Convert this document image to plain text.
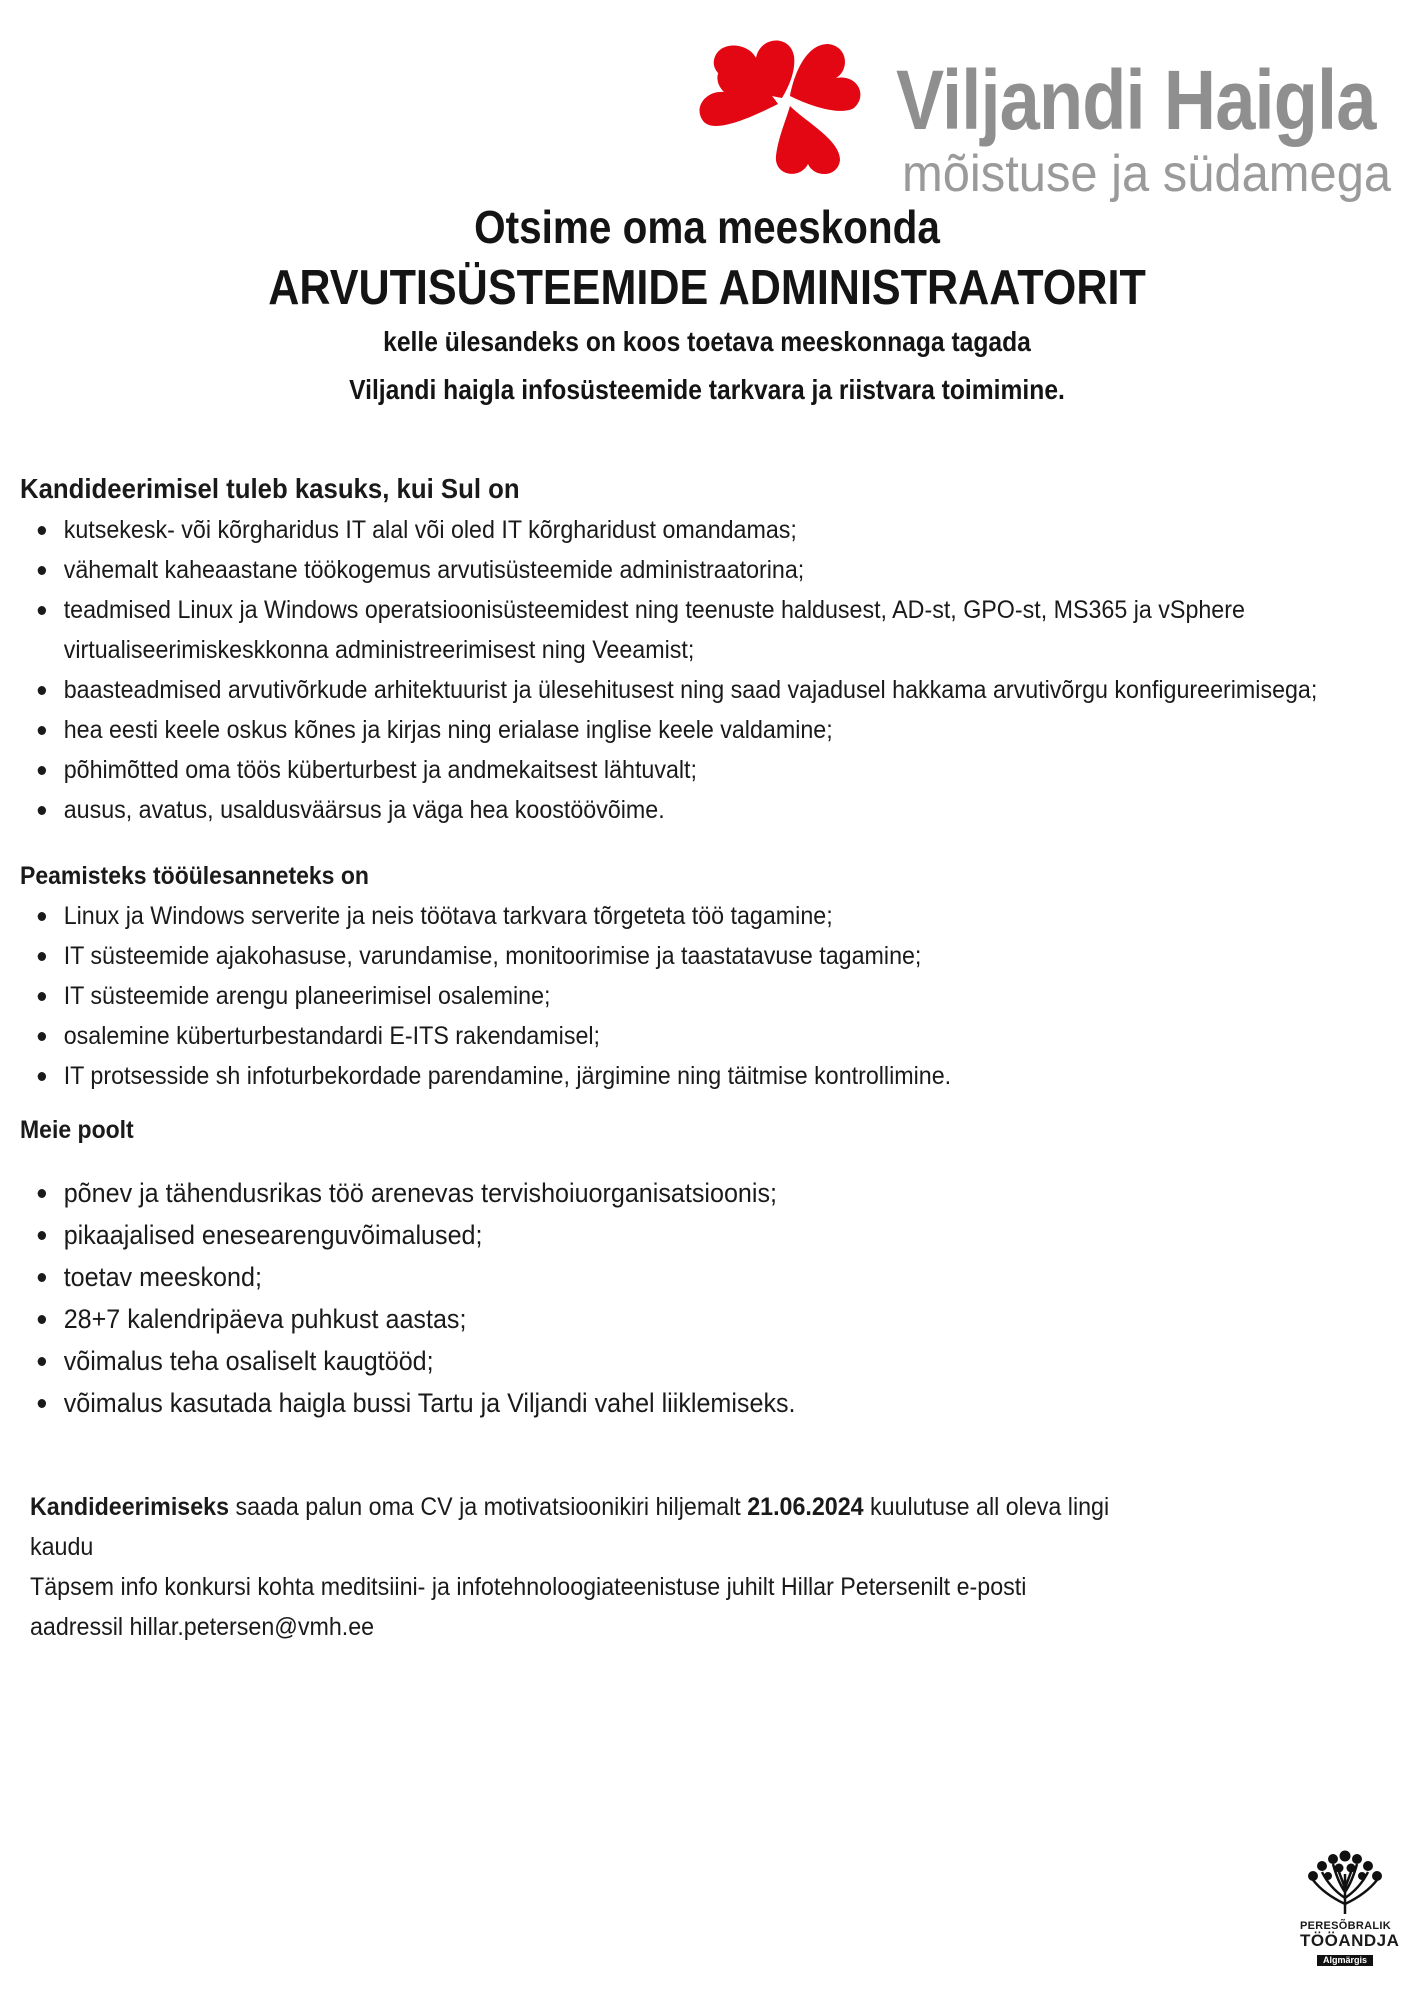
Viljandi Haigla
mõistuse ja südamega
Otsime oma meeskonda
ARVUTISÜSTEEMIDE ADMINISTRAATORIT

kelle ülesandeks on koos toetava meeskonnaga tagada

Viljandi haigla infosüsteemide tarkvara ja riistvara toimimine.

Kandideerimisel tuleb kasuks, kui Sul on
kutsekesk- või kõrgharidus IT alal või oled IT kõrgharidust omandamas;
vähemalt kaheaastane töökogemus arvutisüsteemide administraatorina;
teadmised Linux ja Windows operatsioonisüsteemidest ning teenuste haldusest, AD-st, GPO-st, MS365 ja vSphere virtualiseerimiskeskkonna administreerimisest ning Veeamist;
baasteadmised arvutivõrkude arhitektuurist ja ülesehitusest ning saad vajadusel hakkama arvutivõrgu konfigureerimisega;
hea eesti keele oskus kõnes ja kirjas ning erialase inglise keele valdamine;
põhimõtted oma töös küberturbest ja andmekaitsest lähtuvalt;
ausus, avatus, usaldusväärsus ja väga hea koostöövõime.
Peamisteks tööülesanneteks on
Linux ja Windows serverite ja neis töötava tarkvara tõrgeteta töö tagamine;
IT süsteemide ajakohasuse, varundamise, monitoorimise ja taastatavuse tagamine;
IT süsteemide arengu planeerimisel osalemine;
osalemine küberturbestandardi E-ITS rakendamisel;
IT protsesside sh infoturbekordade parendamine, järgimine ning täitmise kontrollimine.
Meie poolt
põnev ja tähendusrikas töö arenevas tervishoiuorganisatsioonis;
pikaajalised enesearenguvõimalused;
toetav meeskond;
28+7 kalendripäeva puhkust aastas;
võimalus teha osaliselt kaugtööd;
võimalus kasutada haigla bussi Tartu ja Viljandi vahel liiklemiseks.

Kandideerimiseks saada palun oma CV ja motivatsioonikiri hiljemalt 21.06.2024 kuulutuse all oleva lingi

kaudu

Täpsem info konkursi kohta meditsiini- ja infotehnoloogiateenistuse juhilt Hillar Petersenilt e-posti

aadressil hillar.petersen@vmh.ee

PERESÕBRALIK
TÖÖANDJA
Algmärgis
